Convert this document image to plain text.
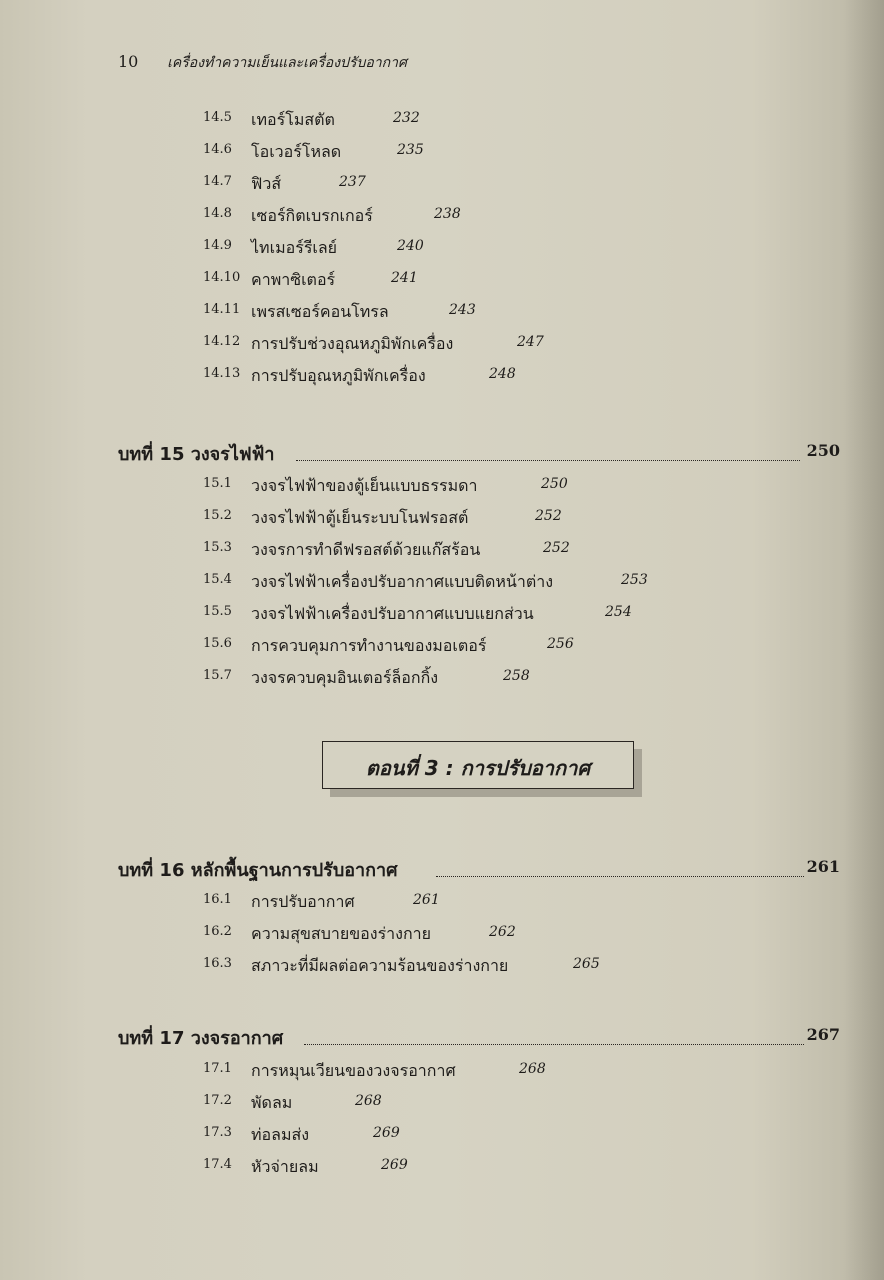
10 เครื่องทำความเย็นและเครื่องปรับอากาศ
14.5 เทอร์โมสตัต	232
14.6 โอเวอร์โหลด	235
14.7 ฟิวส์	237
14.8 เซอร์กิตเบรกเกอร์	238
14.9 ไทเมอร์รีเลย์	240
14.10 คาพาซิเตอร์	241
14.11 เพรสเซอร์คอนโทรล	243
14.12 การปรับช่วงอุณหภูมิพักเครื่อง	247
14.13 การปรับอุณหภูมิพักเครื่อง	248
บทที่ 15 วงจรไฟฟ้า	250
15.1 วงจรไฟฟ้าของตู้เย็นแบบธรรมดา	250
15.2 วงจรไฟฟ้าตู้เย็นระบบโนฟรอสต์	252
15.3 วงจรการทำดีฟรอสต์ด้วยแก๊สร้อน	252
15.4 วงจรไฟฟ้าเครื่องปรับอากาศแบบติดหน้าต่าง	253
15.5 วงจรไฟฟ้าเครื่องปรับอากาศแบบแยกส่วน	254
15.6 การควบคุมการทำงานของมอเตอร์	256
15.7 วงจรควบคุมอินเตอร์ล็อกกิ้ง	258
ตอนที่ 3 : การปรับอากาศ
บทที่ 16 หลักพื้นฐานการปรับอากาศ	261
16.1 การปรับอากาศ	261
16.2 ความสุขสบายของร่างกาย	262
16.3 สภาวะที่มีผลต่อความร้อนของร่างกาย	265
บทที่ 17 วงจรอากาศ	267
17.1 การหมุนเวียนของวงจรอากาศ	268
17.2 พัดลม	268
17.3 ท่อลมส่ง	269
17.4 หัวจ่ายลม	269
